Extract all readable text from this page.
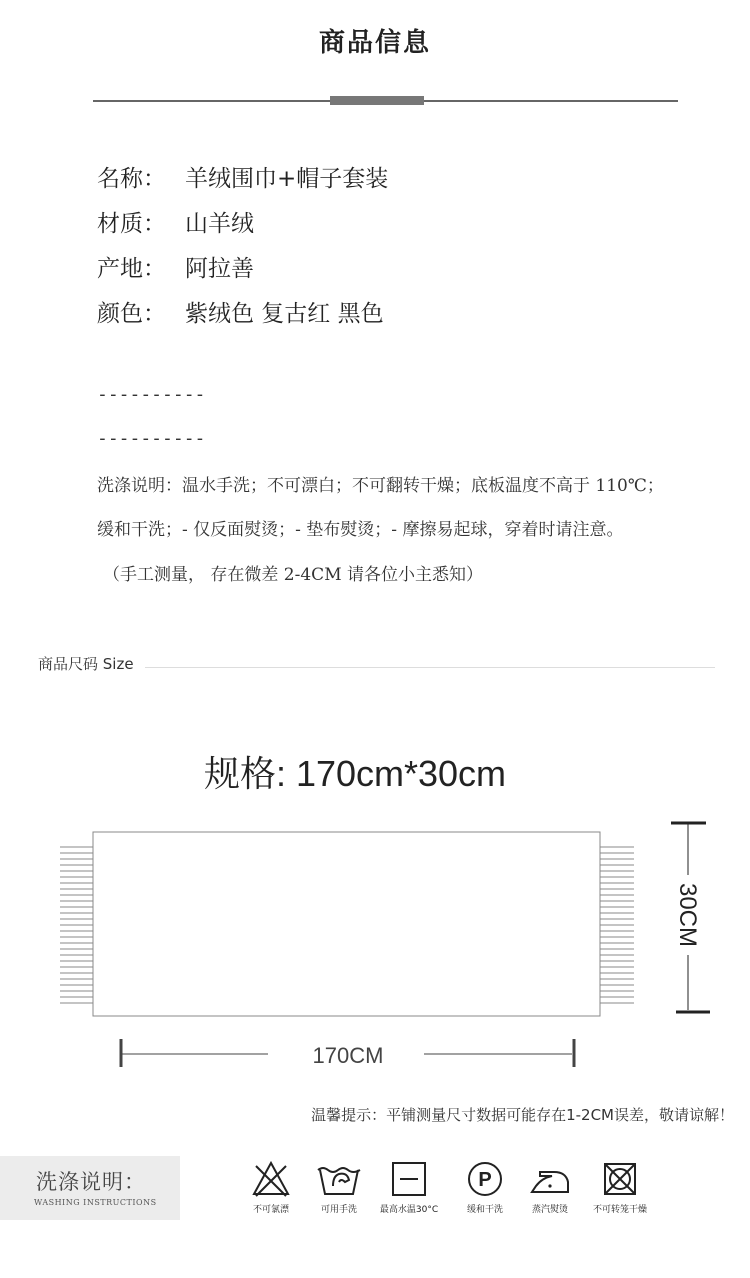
商品信息
名称： 羊绒围巾+帽子套装
材质： 山羊绒
产地： 阿拉善
颜色： 紫绒色 复古红 黑色
----------
----------
洗涤说明：温水手洗；不可漂白；不可翻转干燥；底板温度不高于 110℃；
缓和干洗；- 仅反面熨烫；- 垫布熨烫；- 摩擦易起球，穿着时请注意。
（手工测量， 存在微差 2-4CM 请各位小主悉知）
商品尺码 Size
规格: 170cm*30cm
170CM
30CM
温馨提示：平铺测量尺寸数据可能存在1-2CM误差，敬请谅解！
洗涤说明：
WASHING INSTRUCTIONS
不可氯漂	可用手洗	最高水温30°C
P
缓和干洗	蒸汽熨烫	不可转笼干燥
